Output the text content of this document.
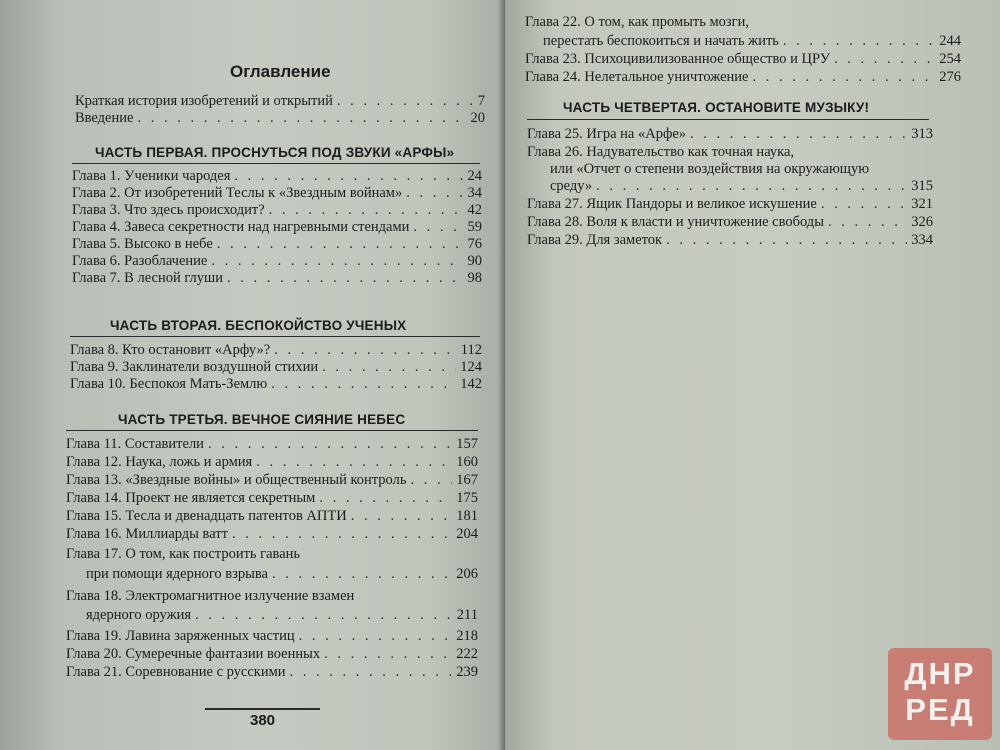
Оглавление
Краткая история изобретений и открытий . . .	7
Введение . . .	20
ЧАСТЬ ПЕРВАЯ. ПРОСНУТЬСЯ ПОД ЗВУКИ «АРФЫ»
Глава 1. Ученики чародея . . .	24
Глава 2. От изобретений Теслы к «Звездным войнам» . . .	34
Глава 3. Что здесь происходит? . . .	42
Глава 4. Завеса секретности над нагревными стендами . . .	59
Глава 5. Высоко в небе . . .	76
Глава 6. Разоблачение . . .	90
Глава 7. В лесной глуши . . .	98
ЧАСТЬ ВТОРАЯ. БЕСПОКОЙСТВО УЧЕНЫХ
Глава 8. Кто остановит «Арфу»? . . .	112
Глава 9. Заклинатели воздушной стихии . . .	124
Глава 10. Беспокоя Мать-Землю . . .	142
ЧАСТЬ ТРЕТЬЯ. ВЕЧНОЕ СИЯНИЕ НЕБЕС
Глава 11. Составители . . .	157
Глава 12. Наука, ложь и армия . . .	160
Глава 13. «Звездные войны» и общественный контроль . . .	167
Глава 14. Проект не является секретным . . .	175
Глава 15. Тесла и двенадцать патентов АПТИ . . .	181
Глава 16. Миллиарды ватт . . .	204
Глава 17. О том, как построить гавань
при помощи ядерного взрыва . . .	206
Глава 18. Электромагнитное излучение взамен
ядерного оружия . . .	211
Глава 19. Лавина заряженных частиц . . .	218
Глава 20. Сумеречные фантазии военных . . .	222
Глава 21. Соревнование с русскими . . .	239
380
Глава 22. О том, как промыть мозги,
перестать беспокоиться и начать жить . . .	244
Глава 23. Психоцивилизованное общество и ЦРУ . . .	254
Глава 24. Нелетальное уничтожение . . .	276
ЧАСТЬ ЧЕТВЕРТАЯ. ОСТАНОВИТЕ МУЗЫКУ!
Глава 25. Игра на «Арфе» . . .	313
Глава 26. Надувательство как точная наука,
или «Отчет о степени воздействия на окружающую
среду» . . .	315
Глава 27. Ящик Пандоры и великое искушение . . .	321
Глава 28. Воля к власти и уничтожение свободы . . .	326
Глава 29. Для заметок . . .	334
ДНР
РЕД
